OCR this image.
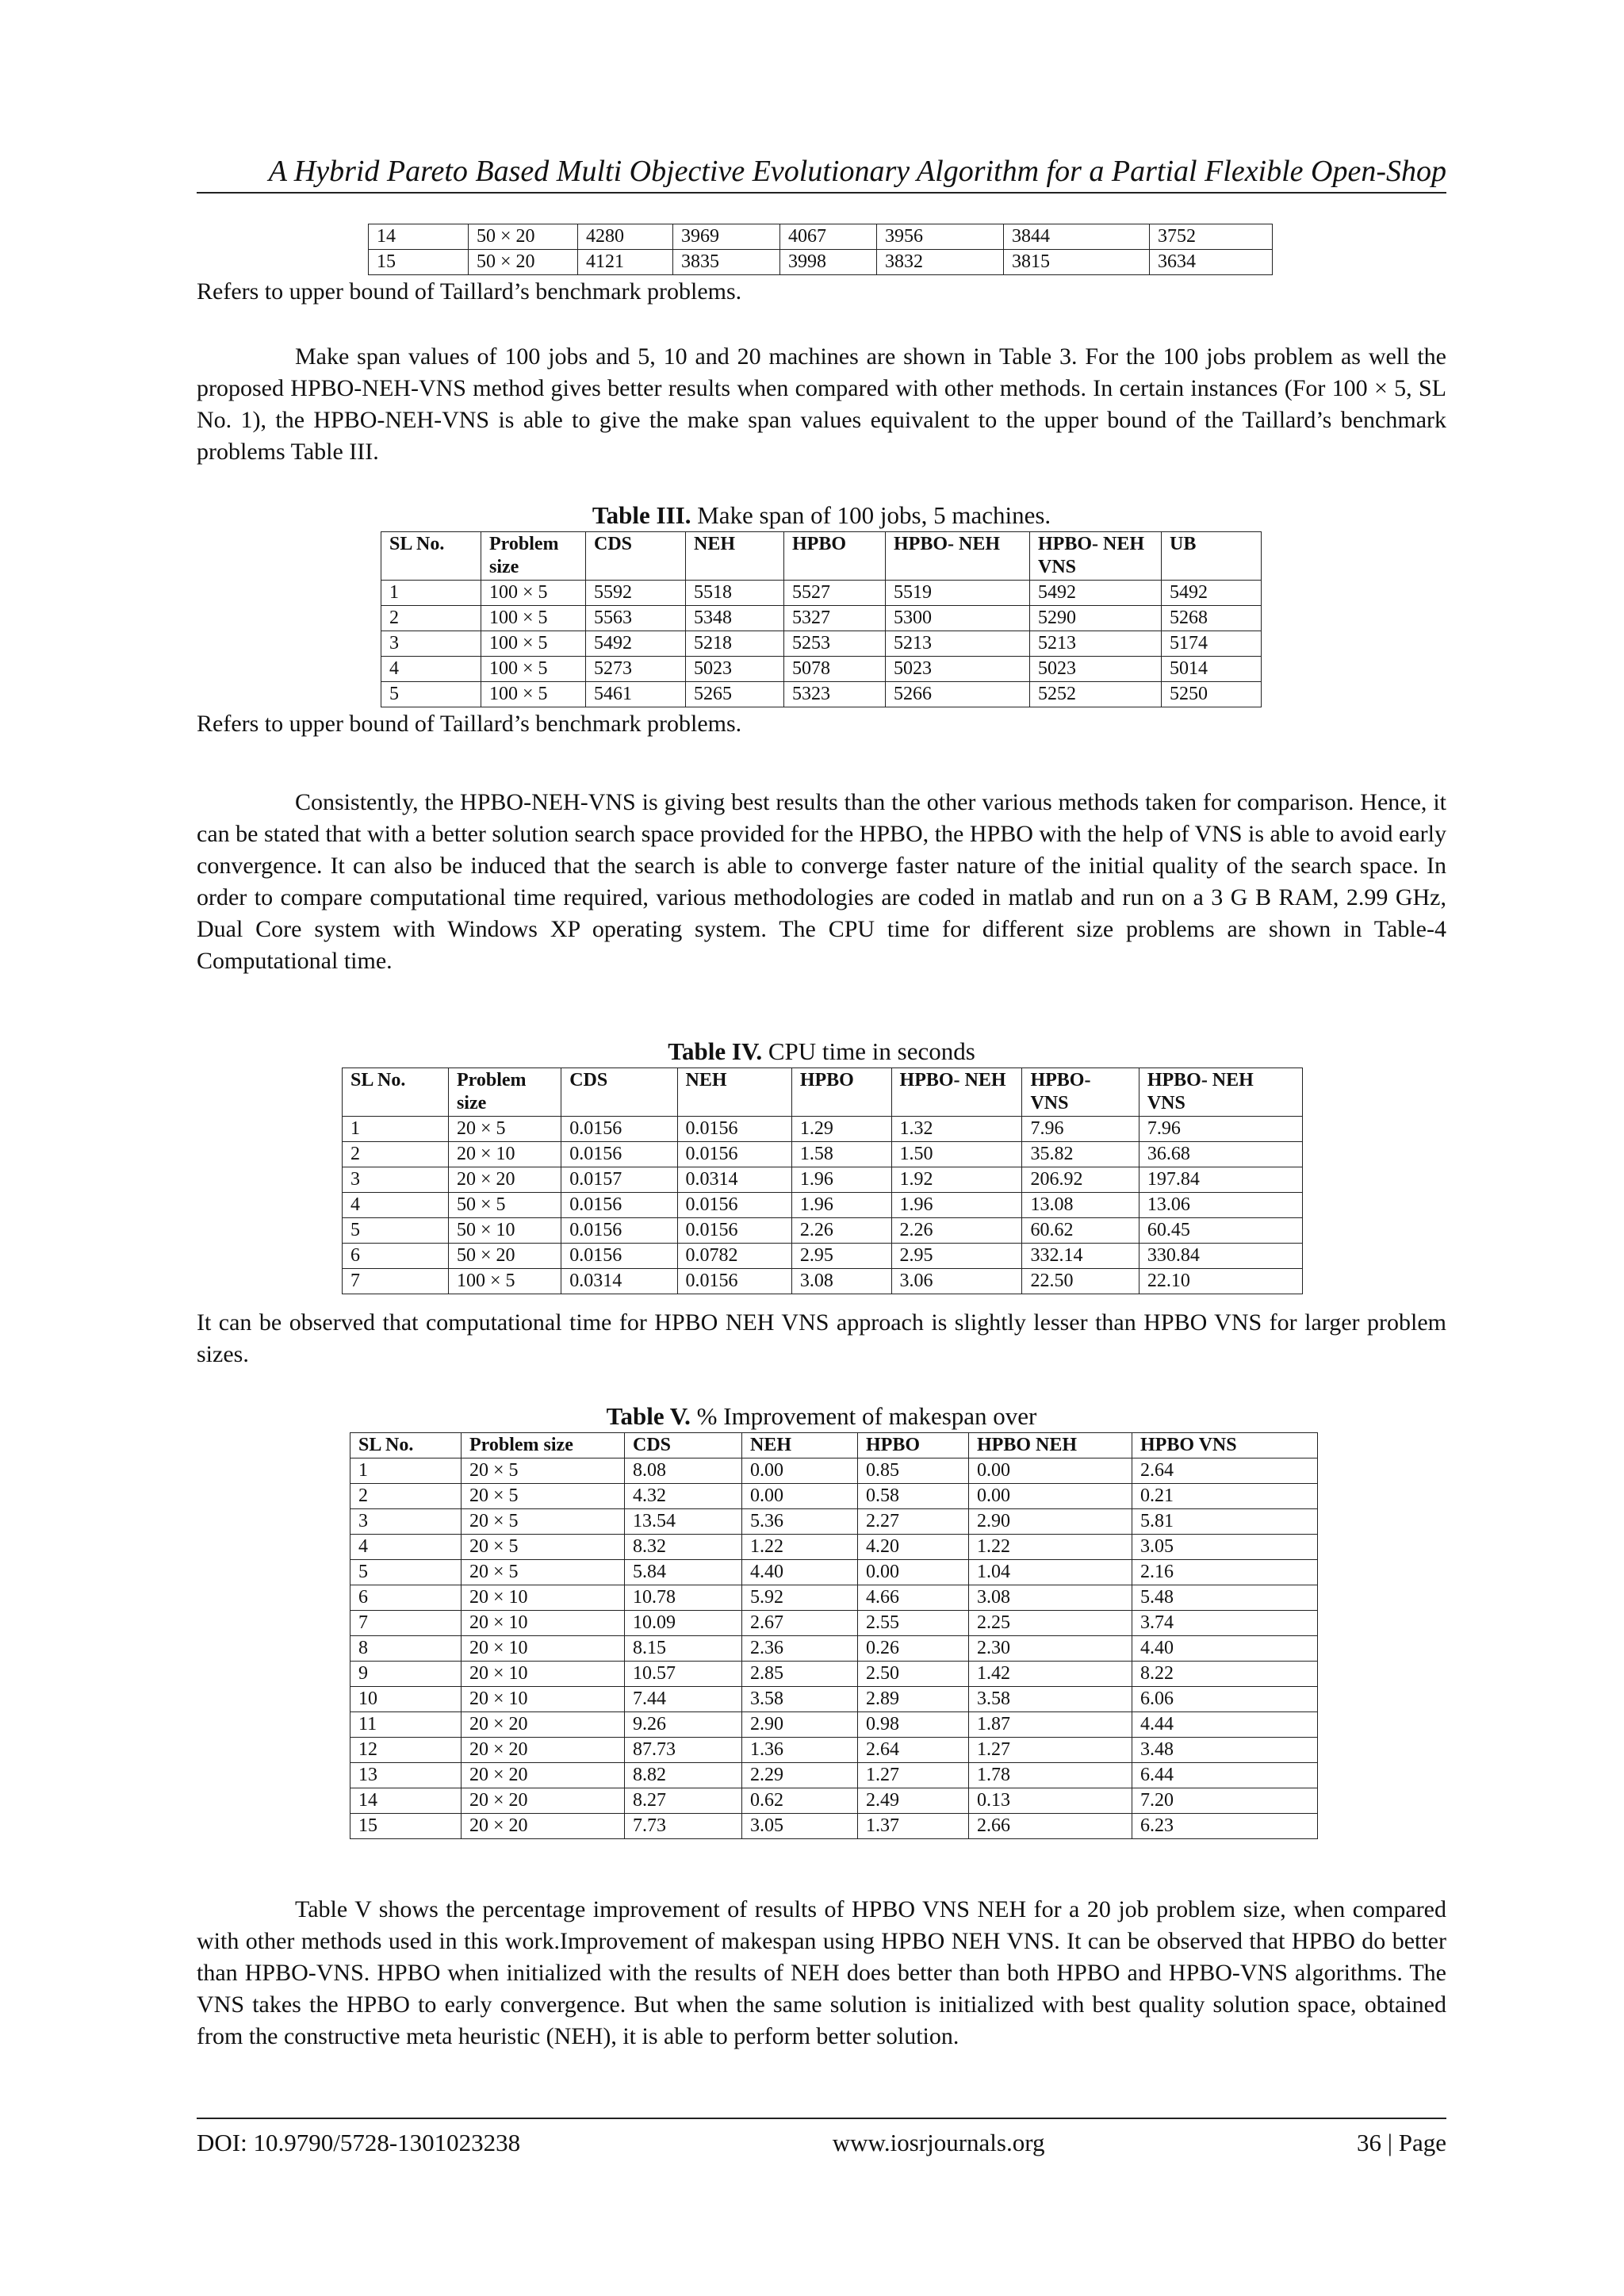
A Hybrid Pareto Based Multi Objective Evolutionary Algorithm for a Partial Flexible Open-Shop
14	50 × 20	4280	3969	4067	3956	3844	3752
15	50 × 20	4121	3835	3998	3832	3815	3634
Refers to upper bound of Taillard’s benchmark problems.

Make span values of 100 jobs and 5, 10 and 20 machines are shown in Table 3. For the 100 jobs problem as well the proposed HPBO-NEH-VNS method gives better results when compared with other methods. In certain instances (For 100 × 5, SL No. 1), the HPBO-NEH-VNS is able to give the make span values equivalent to the upper bound of the Taillard’s benchmark problems Table III.

Table III. Make span of 100 jobs, 5 machines.
SL No.	Problem size	CDS	NEH	HPBO	HPBO- NEH	HPBO- NEH VNS	UB
1	100 × 5	5592	5518	5527	5519	5492	5492
2	100 × 5	5563	5348	5327	5300	5290	5268
3	100 × 5	5492	5218	5253	5213	5213	5174
4	100 × 5	5273	5023	5078	5023	5023	5014
5	100 × 5	5461	5265	5323	5266	5252	5250
Refers to upper bound of Taillard’s benchmark problems.

Consistently, the HPBO-NEH-VNS is giving best results than the other various methods taken for comparison. Hence, it can be stated that with a better solution search space provided for the HPBO, the HPBO with the help of VNS is able to avoid early convergence. It can also be induced that the search is able to converge faster nature of the initial quality of the search space. In order to compare computational time required, various methodologies are coded in matlab and run on a 3 G B RAM, 2.99 GHz, Dual Core system with Windows XP operating system. The CPU time for different size problems are shown in Table-4 Computational time.

Table IV. CPU time in seconds
SL No.	Problem size	CDS	NEH	HPBO	HPBO- NEH	HPBO- VNS	HPBO- NEH VNS
1	20 × 5	0.0156	0.0156	1.29	1.32	7.96	7.96
2	20 × 10	0.0156	0.0156	1.58	1.50	35.82	36.68
3	20 × 20	0.0157	0.0314	1.96	1.92	206.92	197.84
4	50 × 5	0.0156	0.0156	1.96	1.96	13.08	13.06
5	50 × 10	0.0156	0.0156	2.26	2.26	60.62	60.45
6	50 × 20	0.0156	0.0782	2.95	2.95	332.14	330.84
7	100 × 5	0.0314	0.0156	3.08	3.06	22.50	22.10

It can be observed that computational time for HPBO NEH VNS approach is slightly lesser than HPBO VNS for larger problem sizes.

Table V. % Improvement of makespan over
SL No.	Problem size	CDS	NEH	HPBO	HPBO NEH	HPBO VNS
1	20 × 5	8.08	0.00	0.85	0.00	2.64
2	20 × 5	4.32	0.00	0.58	0.00	0.21
3	20 × 5	13.54	5.36	2.27	2.90	5.81
4	20 × 5	8.32	1.22	4.20	1.22	3.05
5	20 × 5	5.84	4.40	0.00	1.04	2.16
6	20 × 10	10.78	5.92	4.66	3.08	5.48
7	20 × 10	10.09	2.67	2.55	2.25	3.74
8	20 × 10	8.15	2.36	0.26	2.30	4.40
9	20 × 10	10.57	2.85	2.50	1.42	8.22
10	20 × 10	7.44	3.58	2.89	3.58	6.06
11	20 × 20	9.26	2.90	0.98	1.87	4.44
12	20 × 20	87.73	1.36	2.64	1.27	3.48
13	20 × 20	8.82	2.29	1.27	1.78	6.44
14	20 × 20	8.27	0.62	2.49	0.13	7.20
15	20 × 20	7.73	3.05	1.37	2.66	6.23

Table V shows the percentage improvement of results of HPBO VNS NEH for a 20 job problem size, when compared with other methods used in this work.Improvement of makespan using HPBO NEH VNS. It can be observed that HPBO do better than HPBO-VNS. HPBO when initialized with the results of NEH does better than both HPBO and HPBO-VNS algorithms. The VNS takes the HPBO to early convergence. But when the same solution is initialized with best quality solution space, obtained from the constructive meta heuristic (NEH), it is able to perform better solution.

DOI: 10.9790/5728-1301023238	www.iosrjournals.org	36 | Page
